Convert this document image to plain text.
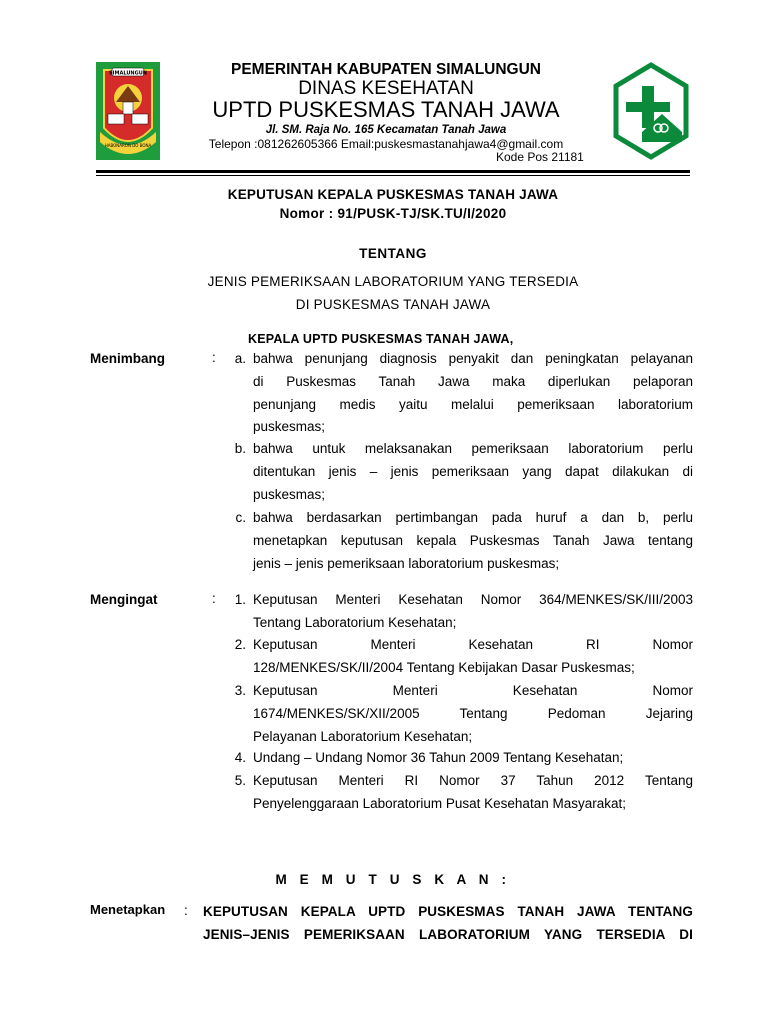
SIMALUNGUN
HABONARON DO BONA
PEMERINTAH KABUPATEN SIMALUNGUN
DINAS KESEHATAN
UPTD PUSKESMAS TANAH JAWA
Jl. SM. Raja No. 165 Kecamatan Tanah Jawa
Telepon :081262605366 Email:puskesmastanahjawa4@gmail.com
Kode Pos 21181
KEPUTUSAN KEPALA PUSKESMAS TANAH JAWA
Nomor : 91/PUSK-TJ/SK.TU/I/2020
TENTANG
JENIS PEMERIKSAAN LABORATORIUM YANG TERSEDIA
DI PUSKESMAS TANAH JAWA
KEPALA UPTD PUSKESMAS TANAH JAWA,
Menimbang	:	a. bahwa penunjang diagnosis penyakit dan peningkatan pelayanan

di Puskesmas Tanah Jawa maka diperlukan pelaporan

penunjang medis yaitu melalui pemeriksaan laboratorium

puskesmas;

b. bahwa untuk melaksanakan pemeriksaan laboratorium perlu

ditentukan jenis – jenis pemeriksaan yang dapat dilakukan di

puskesmas;

c. bahwa berdasarkan pertimbangan pada huruf a dan b, perlu

menetapkan keputusan kepala Puskesmas Tanah Jawa tentang

jenis – jenis pemeriksaan laboratorium puskesmas;

Mengingat	:	1. Keputusan Menteri Kesehatan Nomor 364/MENKES/SK/III/2003

Tentang Laboratorium Kesehatan;

2. Keputusan Menteri Kesehatan RI Nomor

128/MENKES/SK/II/2004 Tentang Kebijakan Dasar Puskesmas;

3. Keputusan Menteri Kesehatan Nomor

1674/MENKES/SK/XII/2005 Tentang Pedoman Jejaring

Pelayanan Laboratorium Kesehatan;

4. Undang – Undang Nomor 36 Tahun 2009 Tentang Kesehatan;

5. Keputusan Menteri RI Nomor 37 Tahun 2012 Tentang

Penyelenggaraan Laboratorium Pusat Kesehatan Masyarakat;

M E M U T U S K A N :
Menetapkan : KEPUTUSAN KEPALA UPTD PUSKESMAS TANAH JAWA TENTANG

JENIS–JENIS PEMERIKSAAN LABORATORIUM YANG TERSEDIA DI
